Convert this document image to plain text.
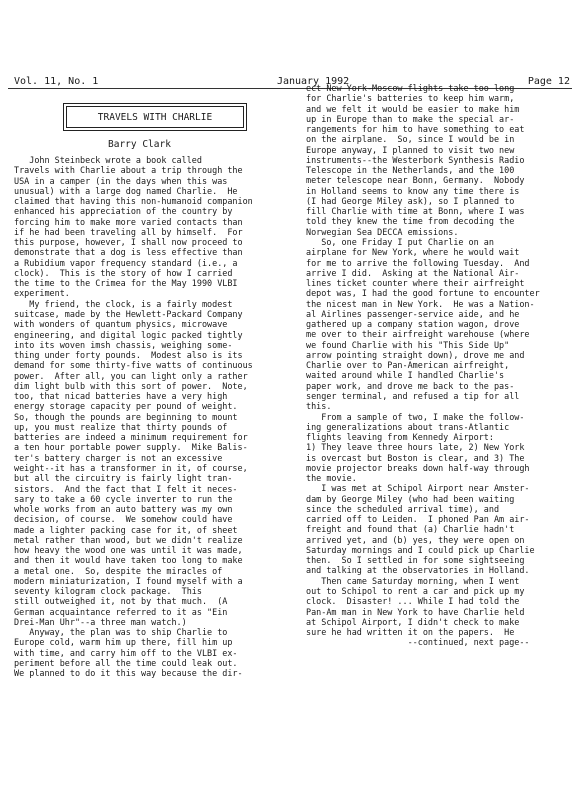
Vol. 11, No. 1	January 1992	Page 12
TRAVELS WITH CHARLIE
Barry Clark
John Steinbeck wrote a book called
Travels with Charlie about a trip through the
USA in a camper (in the days when this was
unusual) with a large dog named Charlie.  He
claimed that having this non-humanoid companion
enhanced his appreciation of the country by
forcing him to make more varied contacts than
if he had been traveling all by himself.  For
this purpose, however, I shall now proceed to
demonstrate that a dog is less effective than
a Rubidium vapor frequency standard (i.e., a
clock).  This is the story of how I carried
the time to the Crimea for the May 1990 VLBI
experiment.
My friend, the clock, is a fairly modest
suitcase, made by the Hewlett-Packard Company
with wonders of quantum physics, microwave
engineering, and digital logic packed tightly
into its woven imsh chassis, weighing some-
thing under forty pounds.  Modest also is its
demand for some thirty-five watts of continuous
power.  After all, you can light only a rather
dim light bulb with this sort of power.  Note,
too, that nicad batteries have a very high
energy storage capacity per pound of weight.
So, though the pounds are beginning to mount
up, you must realize that thirty pounds of
batteries are indeed a minimum requirement for
a ten hour portable power supply.  Mike Balis-
ter's battery charger is not an excessive
weight--it has a transformer in it, of course,
but all the circuitry is fairly light tran-
sistors.  And the fact that I felt it neces-
sary to take a 60 cycle inverter to run the
whole works from an auto battery was my own
decision, of course.  We somehow could have
made a lighter packing case for it, of sheet
metal rather than wood, but we didn't realize
how heavy the wood one was until it was made,
and then it would have taken too long to make
a metal one.  So, despite the miracles of
modern miniaturization, I found myself with a
seventy kilogram clock package.  This
still outweighed it, not by that much.  (A
German acquaintance referred to it as "Ein
Drei-Man Uhr"--a three man watch.)
Anyway, the plan was to ship Charlie to
Europe cold, warm him up there, fill him up
with time, and carry him off to the VLBI ex-
periment before all the time could leak out.
We planned to do it this way because the dir-
ect New York-Moscow flights take too long
for Charlie's batteries to keep him warm,
and we felt it would be easier to make him
up in Europe than to make the special ar-
rangements for him to have something to eat
on the airplane.  So, since I would be in
Europe anyway, I planned to visit two new
instruments--the Westerbork Synthesis Radio
Telescope in the Netherlands, and the 100
meter telescope near Bonn, Germany.  Nobody
in Holland seems to know any time there is
(I had George Miley ask), so I planned to
fill Charlie with time at Bonn, where I was
told they knew the time from decoding the
Norwegian Sea DECCA emissions.
So, one Friday I put Charlie on an
airplane for New York, where he would wait
for me to arrive the following Tuesday.  And
arrive I did.  Asking at the National Air-
lines ticket counter where their airfreight
depot was, I had the good fortune to encounter
the nicest man in New York.  He was a Nation-
al Airlines passenger-service aide, and he
gathered up a company station wagon, drove
me over to their airfreight warehouse (where
we found Charlie with his "This Side Up"
arrow pointing straight down), drove me and
Charlie over to Pan-American airfreight,
waited around while I handled Charlie's
paper work, and drove me back to the pas-
senger terminal, and refused a tip for all
this.
From a sample of two, I make the follow-
ing generalizations about trans-Atlantic
flights leaving from Kennedy Airport:
1) They leave three hours late, 2) New York
is overcast but Boston is clear, and 3) The
movie projector breaks down half-way through
the movie.
I was met at Schipol Airport near Amster-
dam by George Miley (who had been waiting
since the scheduled arrival time), and
carried off to Leiden.  I phoned Pan Am air-
freight and found that (a) Charlie hadn't
arrived yet, and (b) yes, they were open on
Saturday mornings and I could pick up Charlie
then.  So I settled in for some sightseeing
and talking at the observatories in Holland.
Then came Saturday morning, when I went
out to Schipol to rent a car and pick up my
clock.  Disaster! ... While I had told the
Pan-Am man in New York to have Charlie held
at Schipol Airport, I didn't check to make
sure he had written it on the papers.  He
--continued, next page--
